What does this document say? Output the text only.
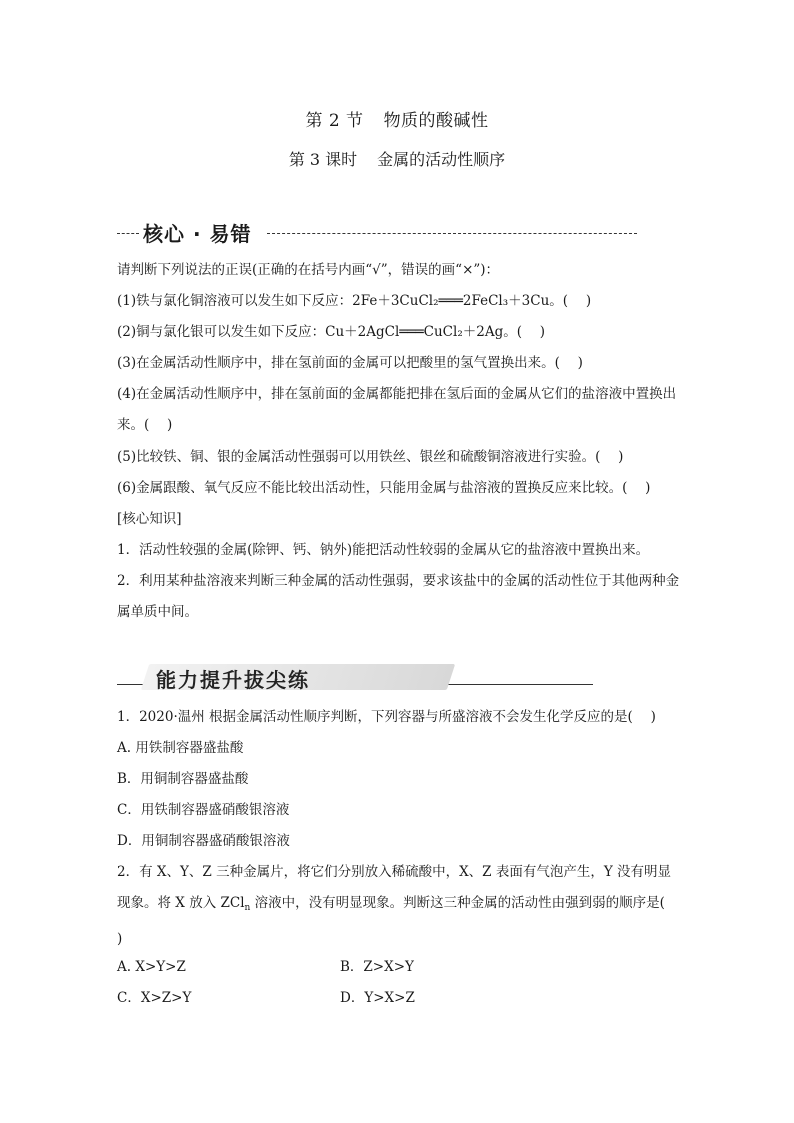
第 2 节 物质的酸碱性
第 3 课时 金属的活动性顺序
核心 · 易错
请判断下列说法的正误(正确的在括号内画“√”，错误的画“×”)：
(1)铁与氯化铜溶液可以发生如下反应：2Fe＋3CuCl₂═══2FeCl₃＋3Cu。(　 )
(2)铜与氯化银可以发生如下反应：Cu＋2AgCl═══CuCl₂＋2Ag。(　 )
(3)在金属活动性顺序中，排在氢前面的金属可以把酸里的氢气置换出来。(　 )
(4)在金属活动性顺序中，排在氢前面的金属都能把排在氢后面的金属从它们的盐溶液中置换出来。(　 )
(5)比较铁、铜、银的金属活动性强弱可以用铁丝、银丝和硫酸铜溶液进行实验。(　 )
(6)金属跟酸、氧气反应不能比较出活动性，只能用金属与盐溶液的置换反应来比较。(　 )
[核心知识]
1．活动性较强的金属(除钾、钙、钠外)能把活动性较弱的金属从它的盐溶液中置换出来。
2．利用某种盐溶液来判断三种金属的活动性强弱，要求该盐中的金属的活动性位于其他两种金属单质中间。
能力提升拔尖练
1．2020·温州 根据金属活动性顺序判断，下列容器与所盛溶液不会发生化学反应的是(　 )
A. 用铁制容器盛盐酸
B．用铜制容器盛盐酸
C．用铁制容器盛硝酸银溶液
D．用铜制容器盛硝酸银溶液
2．有 X、Y、Z 三种金属片，将它们分别放入稀硫酸中，X、Z 表面有气泡产生，Y 没有明显现象。将 X 放入 ZCl$_n$ 溶液中，没有明显现象。判断这三种金属的活动性由强到弱的顺序是(　 )
A. X>Y>Z	B．Z>X>Y
C．X>Z>Y	D．Y>X>Z
